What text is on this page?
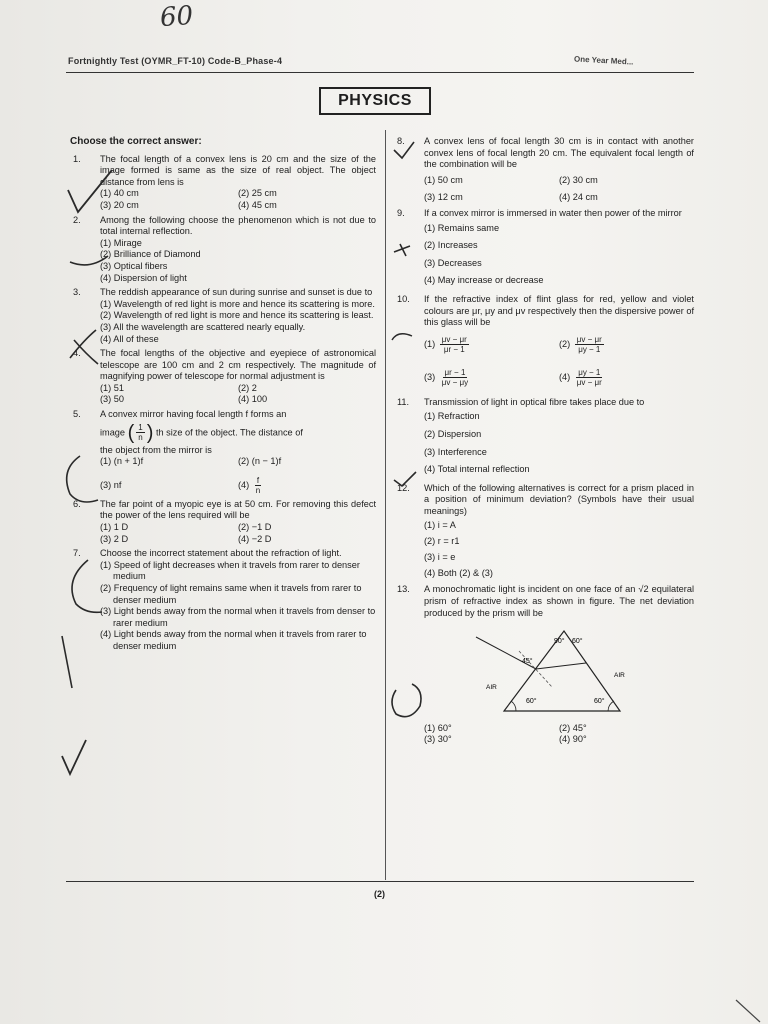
60
Fortnightly Test (OYMR_FT-10) Code-B_Phase-4	One Year Med...
PHYSICS
Choose the correct answer:
1. The focal length of a convex lens is 20 cm and the size of the image formed is same as the size of real object. The object distance from lens is
(1) 40 cm	(2) 25 cm
(3) 20 cm	(4) 45 cm
2. Among the following choose the phenomenon which is not due to total internal reflection.
(1) Mirage
(2) Brilliance of Diamond
(3) Optical fibers
(4) Dispersion of light
3. The reddish appearance of sun during sunrise and sunset is due to
(1) Wavelength of red light is more and hence its scattering is more.
(2) Wavelength of red light is more and hence its scattering is least.
(3) All the wavelength are scattered nearly equally.
(4) All of these
4. The focal lengths of the objective and eyepiece of astronomical telescope are 100 cm and 2 cm respectively. The magnitude of magnifying power of telescope for normal adjustment is
(1) 51	(2) 2
(3) 50	(4) 100
5. A convex mirror having focal length f forms an
image ( $\frac{1}{n}$ ) th size of the object. The distance of
the object from the mirror is
(1) (n + 1)f	(2) (n − 1)f
(3) nf	$(4) \frac{f}{n}$
6. The far point of a myopic eye is at 50 cm. For removing this defect the power of the lens required will be
(1) 1 D	(2) −1 D
(3) 2 D	(4) −2 D
7. Choose the incorrect statement about the refraction of light.
(1) Speed of light decreases when it travels from rarer to denser medium
(2) Frequency of light remains same when it travels from rarer to denser medium
(3) Light bends away from the normal when it travels from denser to rarer medium
(4) Light bends away from the normal when it travels from rarer to denser medium
8. A convex lens of focal length 30 cm is in contact with another convex lens of focal length 20 cm. The equivalent focal length of the combination will be
(1) 50 cm	(2) 30 cm
(3) 12 cm	(4) 24 cm
9. If a convex mirror is immersed in water then power of the mirror
(1) Remains same
(2) Increases
(3) Decreases
(4) May increase or decrease
10. If the refractive index of flint glass for red, yellow and violet colours are μr, μy and μv respectively then the dispersive power of this glass will be
$(1) \frac{\mu v - \mu r}{\mu r - 1}$	$(2) \frac{\mu v - \mu r}{\mu y - 1}$
$(3) \frac{\mu r - 1}{\mu v - \mu y}$	$(4) \frac{\mu y - 1}{\mu v - \mu r}$
11. Transmission of light in optical fibre takes place due to
(1) Refraction
(2) Dispersion
(3) Interference
(4) Total internal reflection
12. Which of the following alternatives is correct for a prism placed in a position of minimum deviation? (Symbols have their usual meanings)
(1) i = A
(2) r = r1
(3) i = e
(4) Both (2) & (3)
13. A monochromatic light is incident on one face of an √2 equilateral prism of refractive index as shown in figure. The net deviation produced by the prism will be
90° 60°
45°
AIR
AIR
60°	60°
(1) 60°	(2) 45°
(3) 30°	(4) 90°
(2)
